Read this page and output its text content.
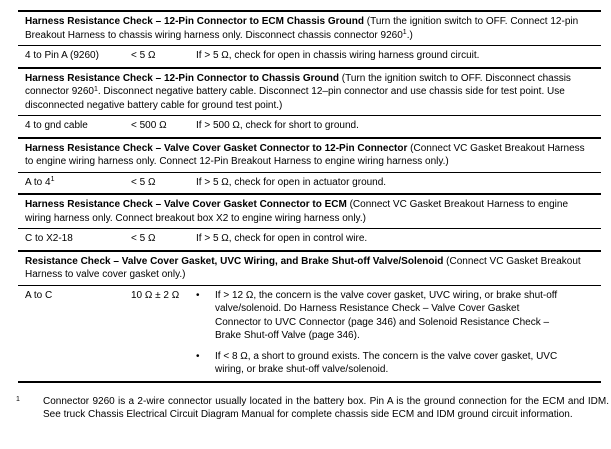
Harness Resistance Check – 12-Pin Connector to ECM Chassis Ground (Turn the ignition switch to OFF. Connect 12-pin Breakout Harness to chassis wiring harness only. Disconnect chassis connector 9260$^1$.)
4 to Pin A (9260)	< 5 Ω	If > 5 Ω, check for open in chassis wiring harness ground circuit.
Harness Resistance Check – 12-Pin Connector to Chassis Ground (Turn the ignition switch to OFF. Disconnect chassis connector 9260$^1$. Disconnect negative battery cable. Disconnect 12–pin connector and use chassis side for test point. Use disconnected negative battery cable for ground test point.)
4 to gnd cable	< 500 Ω	If > 500 Ω, check for short to ground.
Harness Resistance Check – Valve Cover Gasket Connector to 12-Pin Connector (Connect VC Gasket Breakout Harness to engine wiring harness only. Connect 12-Pin Breakout Harness to engine wiring harness only.)
A to $4^1$	< 5 Ω	If > 5 Ω, check for open in actuator ground.
Harness Resistance Check – Valve Cover Gasket Connector to ECM (Connect VC Gasket Breakout Harness to engine wiring harness only. Connect breakout box X2 to engine wiring harness only.)
C to X2-18	< 5 Ω	If > 5 Ω, check for open in control wire.
Resistance Check – Valve Cover Gasket, UVC Wiring, and Brake Shut-off Valve/Solenoid (Connect VC Gasket Breakout Harness to valve cover gasket only.)
A to C	10 Ω ± 2 Ω	•	If > 12 Ω, the concern is the valve cover gasket, UVC wiring, or brake shut-off valve/solenoid. Do Harness Resistance Check – Valve Cover Gasket Connector to UVC Connector (page 346) and Solenoid Resistance Check – Brake Shut-off Valve (page 346).
•	If < 8 Ω, a short to ground exists. The concern is the valve cover gasket, UVC wiring, or brake shut-off valve/solenoid.
1 Connector 9260 is a 2-wire connector usually located in the battery box. Pin A is the ground connection for the ECM and IDM. See truck Chassis Electrical Circuit Diagram Manual for complete chassis side ECM and IDM ground circuit information.
